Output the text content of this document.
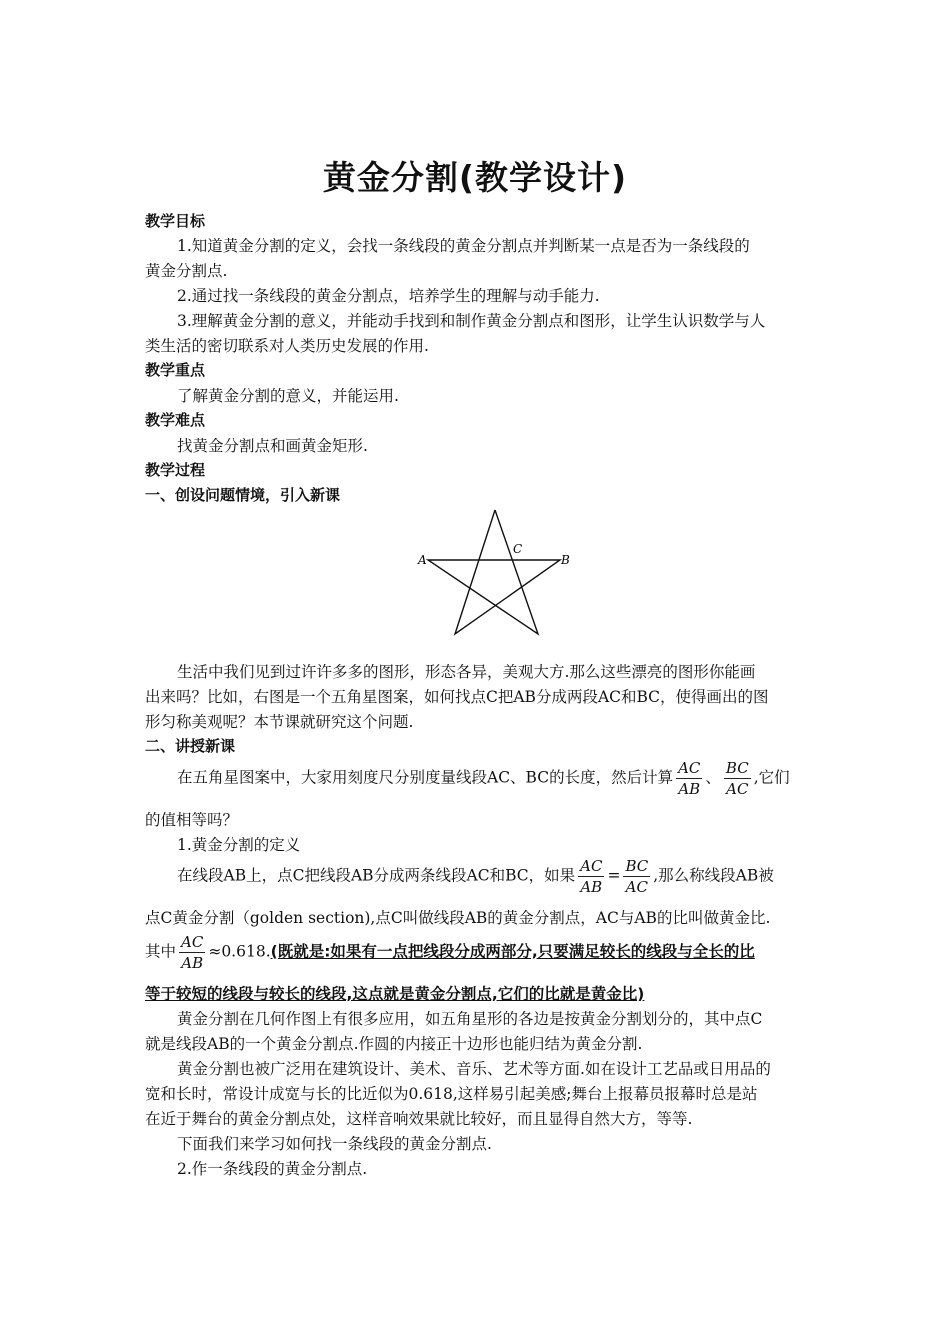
黄金分割(教学设计)
教学目标
1.知道黄金分割的定义，会找一条线段的黄金分割点并判断某一点是否为一条线段的
黄金分割点.
2.通过找一条线段的黄金分割点，培养学生的理解与动手能力.
3.理解黄金分割的意义，并能动手找到和制作黄金分割点和图形，让学生认识数学与人
类生活的密切联系对人类历史发展的作用.
教学重点
了解黄金分割的意义，并能运用.
教学难点
找黄金分割点和画黄金矩形.
教学过程
一、创设问题情境，引入新课
A
C
B
生活中我们见到过许许多多的图形，形态各异，美观大方.那么这些漂亮的图形你能画
出来吗？比如，右图是一个五角星图案，如何找点C把AB分成两段AC和BC，使得画出的图
形匀称美观呢？本节课就研究这个问题.
二、讲授新课
在五角星图案中，大家用刻度尺分别度量线段AC、BC的长度，然后计算 $\frac{AC}{AB}$ 、 $\frac{BC}{AC}$ ,它们
的值相等吗？
1.黄金分割的定义
在线段AB上，点C把线段AB分成两条线段AC和BC，如果 $\frac{AC}{AB} = \frac{BC}{AC}$ ,那么称线段AB被
点C黄金分割（golden section),点C叫做线段AB的黄金分割点，AC与AB的比叫做黄金比.
其中 $\frac{AC}{AB} \approx 0.618$.(既就是:如果有一点把线段分成两部分,只要满足较长的线段与全长的比
等于较短的线段与较长的线段,这点就是黄金分割点,它们的比就是黄金比)
黄金分割在几何作图上有很多应用，如五角星形的各边是按黄金分割划分的，其中点C
就是线段AB的一个黄金分割点.作圆的内接正十边形也能归结为黄金分割.
黄金分割也被广泛用在建筑设计、美术、音乐、艺术等方面.如在设计工艺品或日用品的
宽和长时，常设计成宽与长的比近似为0.618,这样易引起美感;舞台上报幕员报幕时总是站
在近于舞台的黄金分割点处，这样音响效果就比较好，而且显得自然大方，等等.
下面我们来学习如何找一条线段的黄金分割点.
2.作一条线段的黄金分割点.
